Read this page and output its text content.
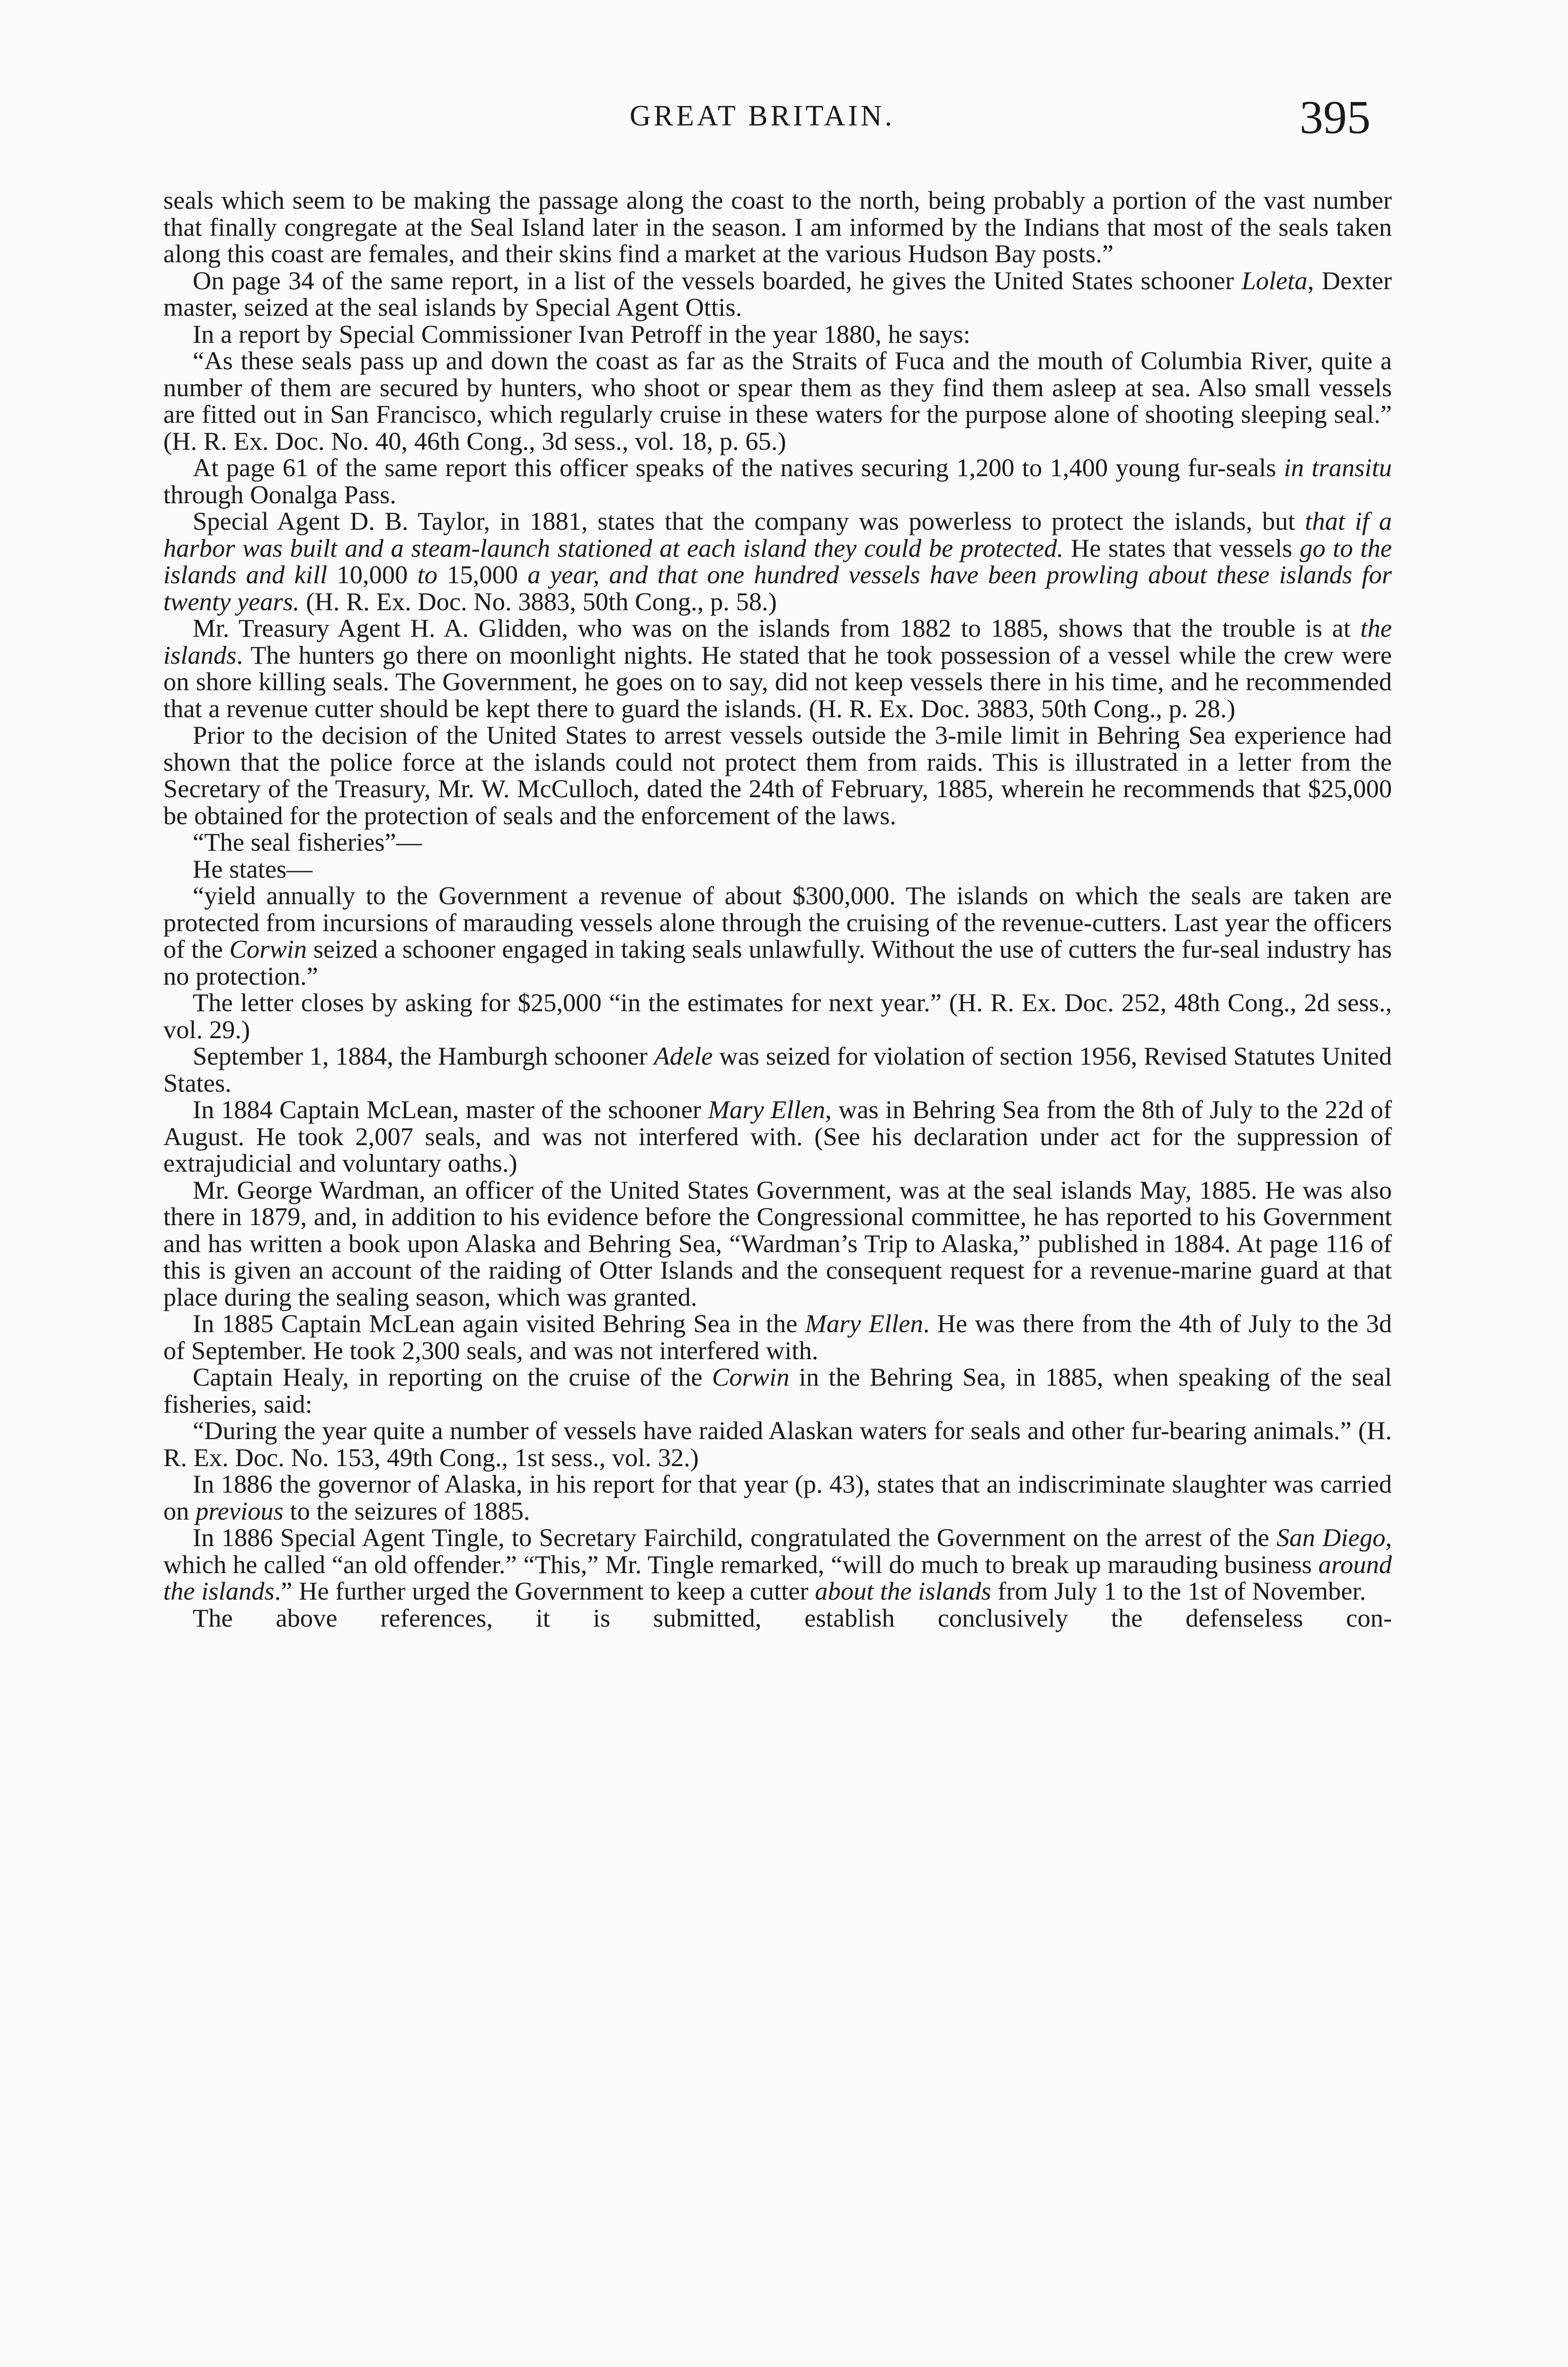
GREAT BRITAIN.	395

seals which seem to be making the passage along the coast to the north, being probably a portion of the vast number that finally congregate at the Seal Island later in the season. I am informed by the Indians that most of the seals taken along this coast are females, and their skins find a market at the various Hudson Bay posts.”

On page 34 of the same report, in a list of the vessels boarded, he gives the United States schooner Loleta, Dexter master, seized at the seal islands by Special Agent Ottis.

In a report by Special Commissioner Ivan Petroff in the year 1880, he says:

“As these seals pass up and down the coast as far as the Straits of Fuca and the mouth of Columbia River, quite a number of them are secured by hunters, who shoot or spear them as they find them asleep at sea. Also small vessels are fitted out in San Francisco, which regularly cruise in these waters for the purpose alone of shooting sleeping seal.” (H. R. Ex. Doc. No. 40, 46th Cong., 3d sess., vol. 18, p. 65.)

At page 61 of the same report this officer speaks of the natives securing 1,200 to 1,400 young fur-seals in transitu through Oonalga Pass.

Special Agent D. B. Taylor, in 1881, states that the company was powerless to protect the islands, but that if a harbor was built and a steam-launch stationed at each island they could be protected. He states that vessels go to the islands and kill 10,000 to 15,000 a year, and that one hundred vessels have been prowling about these islands for twenty years. (H. R. Ex. Doc. No. 3883, 50th Cong., p. 58.)

Mr. Treasury Agent H. A. Glidden, who was on the islands from 1882 to 1885, shows that the trouble is at the islands. The hunters go there on moonlight nights. He stated that he took possession of a vessel while the crew were on shore killing seals. The Government, he goes on to say, did not keep vessels there in his time, and he recommended that a revenue cutter should be kept there to guard the islands. (H. R. Ex. Doc. 3883, 50th Cong., p. 28.)

Prior to the decision of the United States to arrest vessels outside the 3-mile limit in Behring Sea experience had shown that the police force at the islands could not protect them from raids. This is illustrated in a letter from the Secretary of the Treasury, Mr. W. McCulloch, dated the 24th of February, 1885, wherein he recommends that $25,000 be obtained for the protection of seals and the enforcement of the laws.

“The seal fisheries”—

He states—

“yield annually to the Government a revenue of about $300,000. The islands on which the seals are taken are protected from incursions of marauding vessels alone through the cruising of the revenue-cutters. Last year the officers of the Corwin seized a schooner engaged in taking seals unlawfully. Without the use of cutters the fur-seal industry has no protection.”

The letter closes by asking for $25,000 “in the estimates for next year.” (H. R. Ex. Doc. 252, 48th Cong., 2d sess., vol. 29.)

September 1, 1884, the Hamburgh schooner Adele was seized for violation of section 1956, Revised Statutes United States.

In 1884 Captain McLean, master of the schooner Mary Ellen, was in Behring Sea from the 8th of July to the 22d of August. He took 2,007 seals, and was not interfered with. (See his declaration under act for the suppression of extrajudicial and voluntary oaths.)

Mr. George Wardman, an officer of the United States Government, was at the seal islands May, 1885. He was also there in 1879, and, in addition to his evidence before the Congressional committee, he has reported to his Government and has written a book upon Alaska and Behring Sea, “Wardman’s Trip to Alaska,” published in 1884. At page 116 of this is given an account of the raiding of Otter Islands and the consequent request for a revenue-marine guard at that place during the sealing season, which was granted.

In 1885 Captain McLean again visited Behring Sea in the Mary Ellen. He was there from the 4th of July to the 3d of September. He took 2,300 seals, and was not interfered with.

Captain Healy, in reporting on the cruise of the Corwin in the Behring Sea, in 1885, when speaking of the seal fisheries, said:

“During the year quite a number of vessels have raided Alaskan waters for seals and other fur-bearing animals.” (H. R. Ex. Doc. No. 153, 49th Cong., 1st sess., vol. 32.)

In 1886 the governor of Alaska, in his report for that year (p. 43), states that an indiscriminate slaughter was carried on previous to the seizures of 1885.

In 1886 Special Agent Tingle, to Secretary Fairchild, congratulated the Government on the arrest of the San Diego, which he called “an old offender.” “This,” Mr. Tingle remarked, “will do much to break up marauding business around the islands.” He further urged the Government to keep a cutter about the islands from July 1 to the 1st of November.

The above references, it is submitted, establish conclusively the defenseless con-
